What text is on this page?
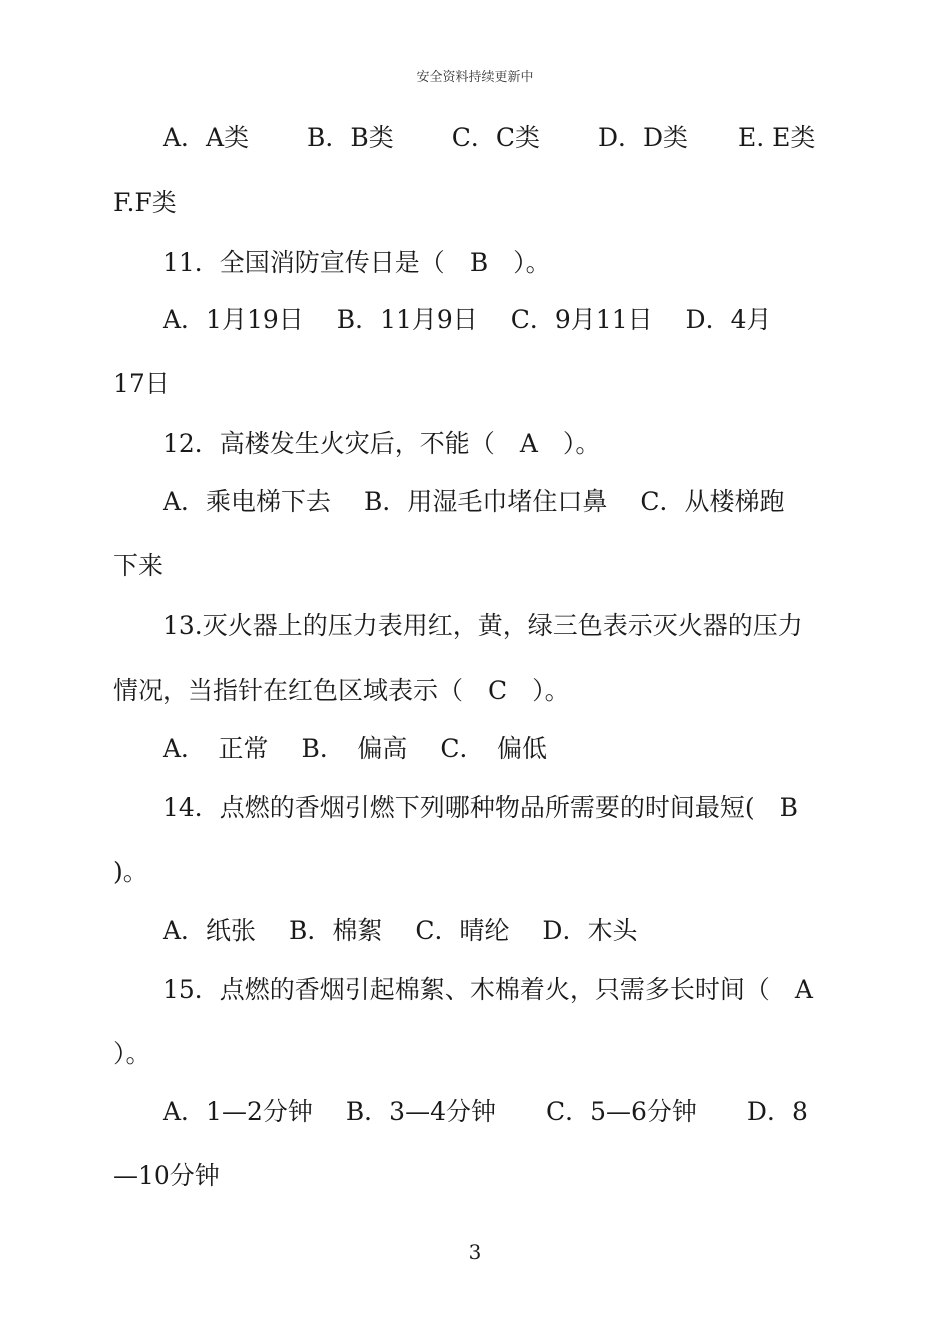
安全资料持续更新中
A．A类　　 B．B类　　 C．C类　　 D．D类　　E. E类
F.F类
11．全国消防宣传日是（　B　）。
A．1月19日　 B．11月9日　 C．9月11日　 D．4月
17日
12．高楼发生火灾后，不能（　A　）。
A．乘电梯下去　 B．用湿毛巾堵住口鼻　 C．从楼梯跑
下来
13.灭火器上的压力表用红，黄，绿三色表示灭火器的压力
情况，当指针在红色区域表示（　C　）。
A．　正常　 B．　偏高　 C．　偏低
14．点燃的香烟引燃下列哪种物品所需要的时间最短(　B
)。
A．纸张　 B．棉絮　 C．晴纶　 D．木头
15．点燃的香烟引起棉絮、木棉着火，只需多长时间（　A
）。
A．1—2分钟　 B．3—4分钟　　C．5—6分钟　　D．8
—10分钟
3
